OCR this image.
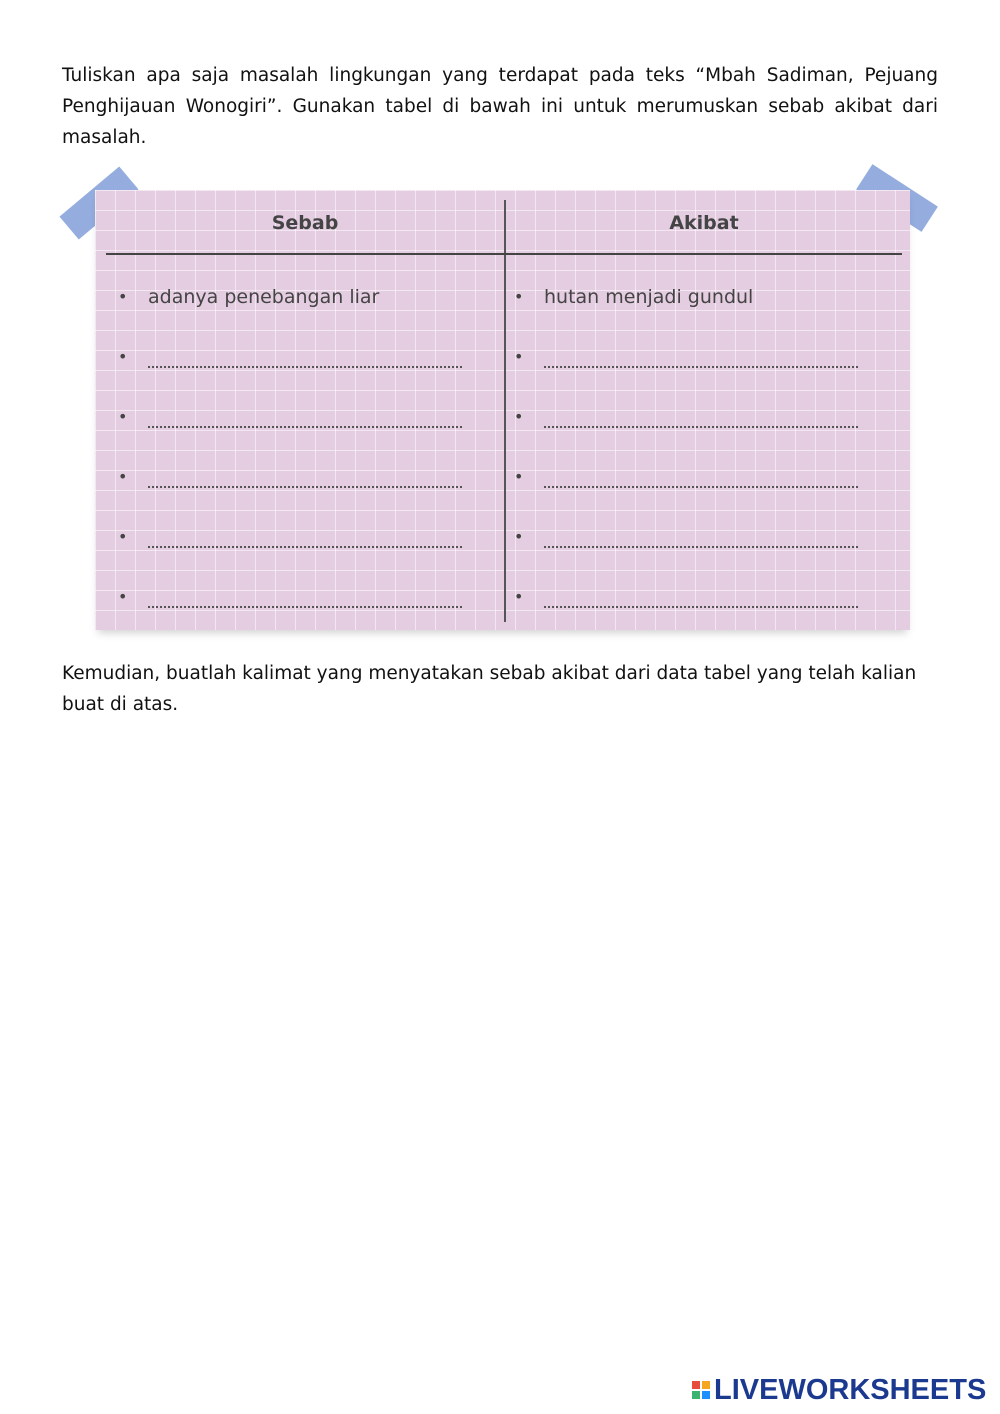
Tuliskan apa saja masalah lingkungan yang terdapat pada teks “Mbah Sadiman, Pejuang Penghijauan Wonogiri”. Gunakan tabel di bawah ini untuk merumuskan sebab akibat dari masalah.

Sebab	Akibat
•	adanya penebangan liar	•	hutan menjadi gundul
•	•
•	•
•	•
•	•
•	•

Kemudian, buatlah kalimat yang menyatakan sebab akibat dari data tabel yang telah kalian buat di atas.

LIVEWORKSHEETS
